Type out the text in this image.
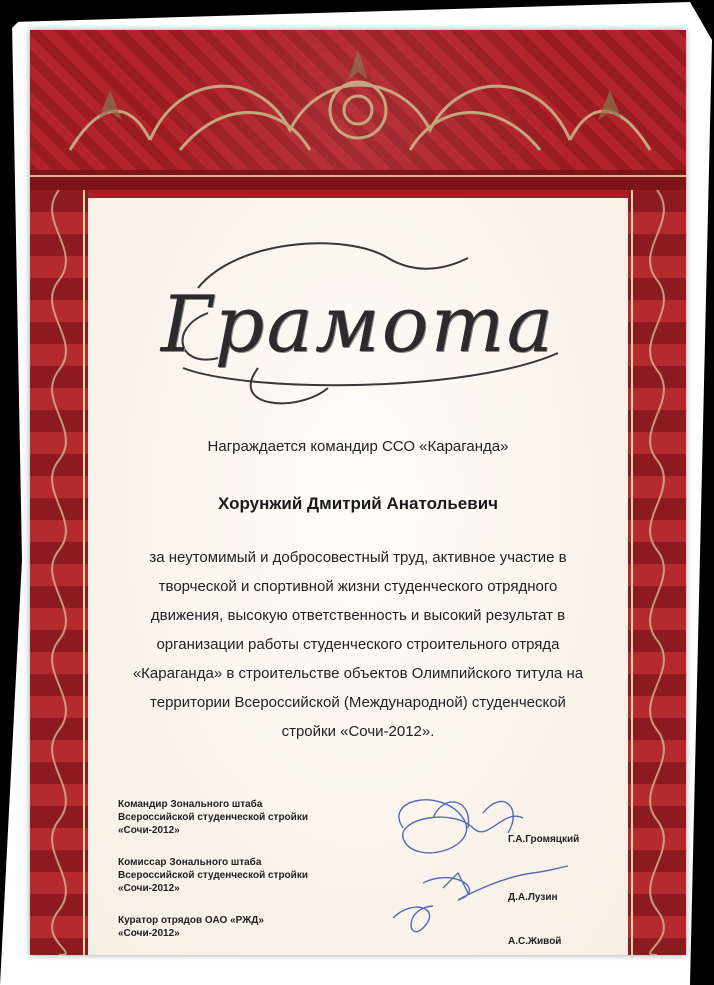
Грамота
Награждается командир ССО «Караганда»
Хорунжий Дмитрий Анатольевич
за неутомимый и добросовестный труд, активное участие в
творческой и спортивной жизни студенческого отрядного
движения, высокую ответственность и высокий результат в
организации работы студенческого строительного отряда
«Караганда» в строительстве объектов Олимпийского титула на
территории Всероссийской (Международной) студенческой
стройки «Сочи-2012».
Командир Зонального штаба
Всероссийской студенческой стройки
«Сочи-2012»
Г.А.Громяцкий
Комиссар Зонального штаба
Всероссийской студенческой стройки
«Сочи-2012»
Д.А.Лузин
Куратор отрядов ОАО «РЖД»
«Сочи-2012»
А.С.Живой
